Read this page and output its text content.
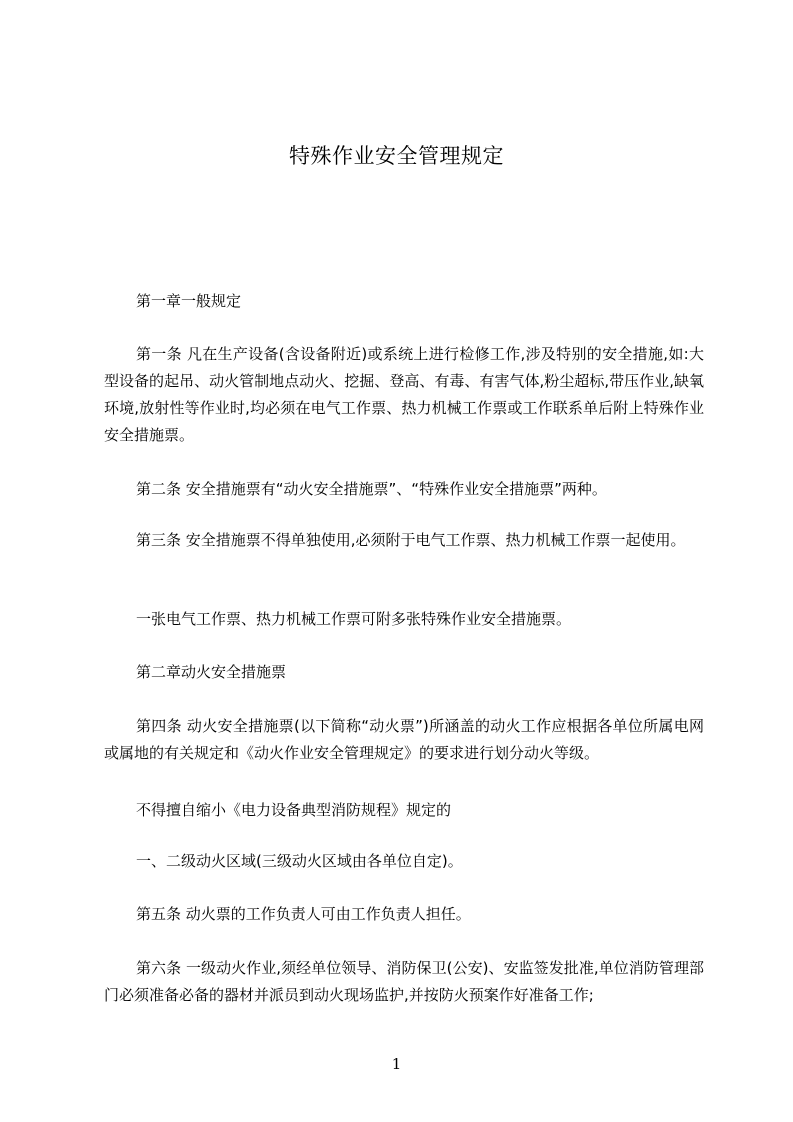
特殊作业安全管理规定
第一章一般规定
第一条 凡在生产设备(含设备附近)或系统上进行检修工作,涉及特别的安全措施,如:大型设备的起吊、动火管制地点动火、挖掘、登高、有毒、有害气体,粉尘超标,带压作业,缺氧环境,放射性等作业时,均必须在电气工作票、热力机械工作票或工作联系单后附上特殊作业安全措施票。
第二条 安全措施票有“动火安全措施票”、“特殊作业安全措施票”两种。
第三条 安全措施票不得单独使用,必须附于电气工作票、热力机械工作票一起使用。
一张电气工作票、热力机械工作票可附多张特殊作业安全措施票。
第二章动火安全措施票
第四条 动火安全措施票(以下简称“动火票”)所涵盖的动火工作应根据各单位所属电网或属地的有关规定和《动火作业安全管理规定》的要求进行划分动火等级。
不得擅自缩小《电力设备典型消防规程》规定的
一、二级动火区域(三级动火区域由各单位自定)。
第五条 动火票的工作负责人可由工作负责人担任。
第六条 一级动火作业,须经单位领导、消防保卫(公安)、安监签发批准,单位消防管理部门必须准备必备的器材并派员到动火现场监护,并按防火预案作好准备工作;
1
